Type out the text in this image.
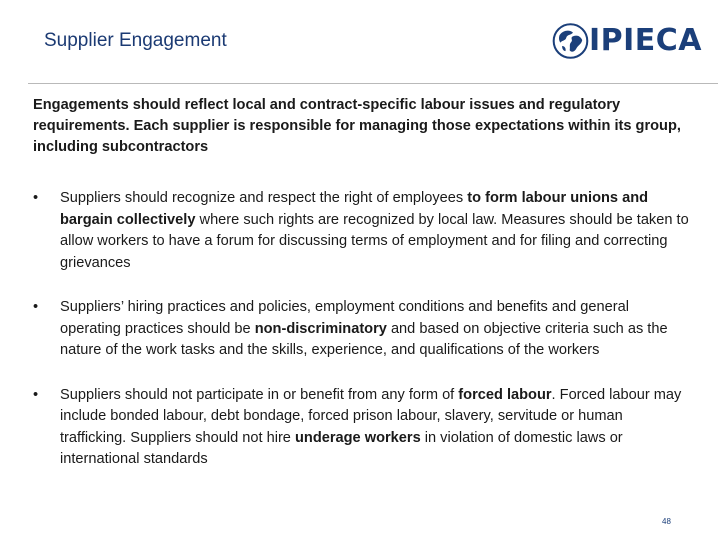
Supplier Engagement	IPIECA
Engagements should reflect local and contract-specific labour issues and regulatory requirements. Each supplier is responsible for managing those expectations within its group, including subcontractors
• Suppliers should recognize and respect the right of employees to form labour unions and bargain collectively where such rights are recognized by local law. Measures should be taken to allow workers to have a forum for discussing terms of employment and for filing and correcting grievances
• Suppliers’ hiring practices and policies, employment conditions and benefits and general operating practices should be non-discriminatory and based on objective criteria such as the nature of the work tasks and the skills, experience, and qualifications of the workers
• Suppliers should not participate in or benefit from any form of forced labour. Forced labour may include bonded labour, debt bondage, forced prison labour, slavery, servitude or human trafficking. Suppliers should not hire underage workers in violation of domestic laws or international standards
48
